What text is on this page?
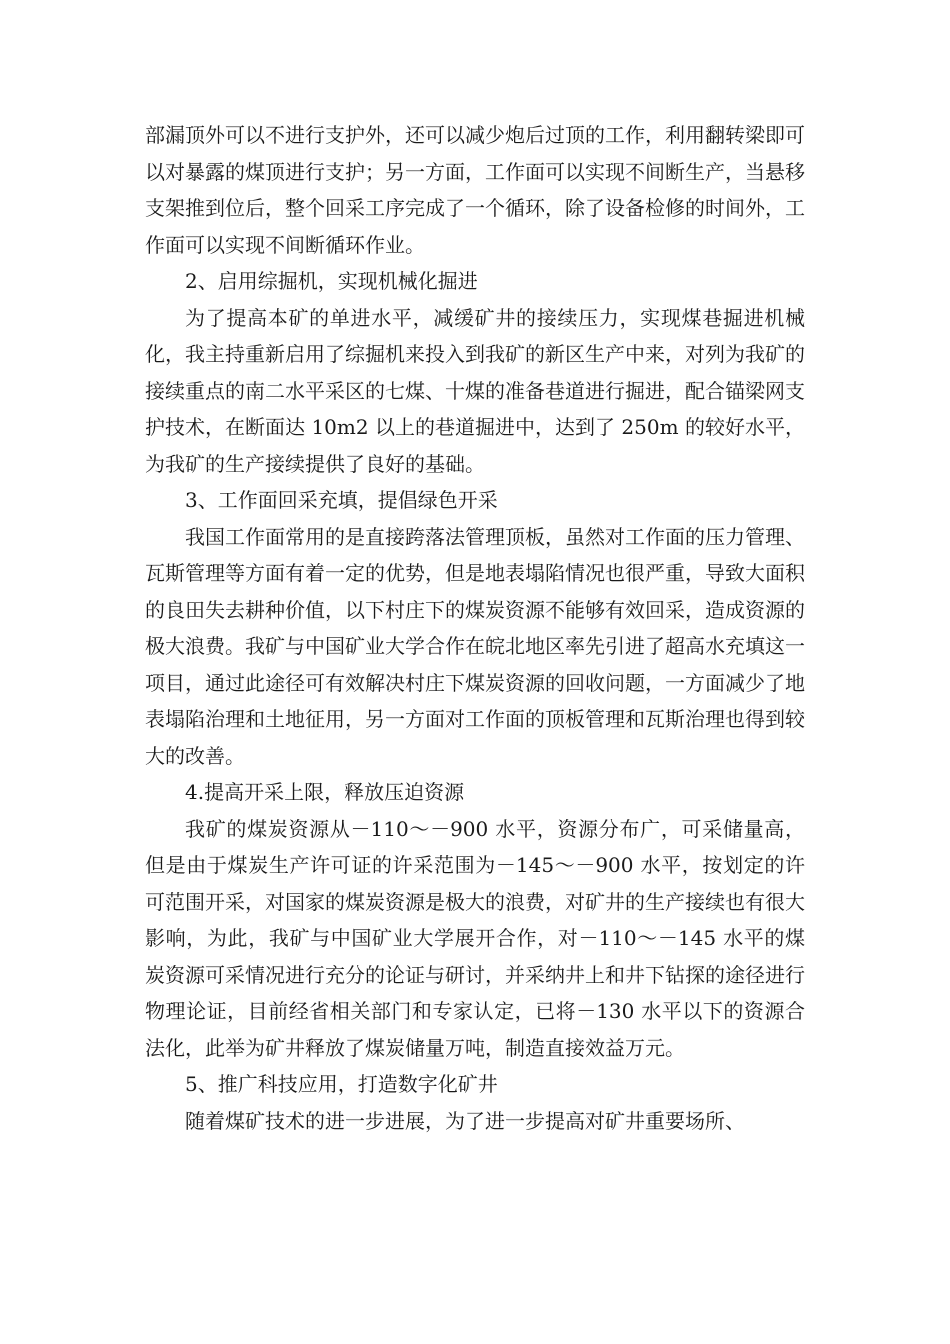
部漏顶外可以不进行支护外，还可以减少炮后过顶的工作，利用翻转梁即可以对暴露的煤顶进行支护；另一方面，工作面可以实现不间断生产，当悬移支架推到位后，整个回采工序完成了一个循环，除了设备检修的时间外，工作面可以实现不间断循环作业。

2、启用综掘机，实现机械化掘进

为了提高本矿的单进水平，减缓矿井的接续压力，实现煤巷掘进机械化，我主持重新启用了综掘机来投入到我矿的新区生产中来，对列为我矿的接续重点的南二水平采区的七煤、十煤的准备巷道进行掘进，配合锚梁网支护技术，在断面达 10m2 以上的巷道掘进中，达到了 250m 的较好水平，为我矿的生产接续提供了良好的基础。

3、工作面回采充填，提倡绿色开采

我国工作面常用的是直接跨落法管理顶板，虽然对工作面的压力管理、瓦斯管理等方面有着一定的优势，但是地表塌陷情况也很严重，导致大面积的良田失去耕种价值，以下村庄下的煤炭资源不能够有效回采，造成资源的极大浪费。我矿与中国矿业大学合作在皖北地区率先引进了超高水充填这一项目，通过此途径可有效解决村庄下煤炭资源的回收问题，一方面减少了地表塌陷治理和土地征用，另一方面对工作面的顶板管理和瓦斯治理也得到较大的改善。

4.提高开采上限，释放压迫资源

我矿的煤炭资源从－110～－900 水平，资源分布广，可采储量高，但是由于煤炭生产许可证的许采范围为－145～－900 水平，按划定的许可范围开采，对国家的煤炭资源是极大的浪费，对矿井的生产接续也有很大影响，为此，我矿与中国矿业大学展开合作，对－110～－145 水平的煤炭资源可采情况进行充分的论证与研讨，并采纳井上和井下钻探的途径进行物理论证，目前经省相关部门和专家认定，已将－130 水平以下的资源合法化，此举为矿井释放了煤炭储量万吨，制造直接效益万元。

5、推广科技应用，打造数字化矿井

随着煤矿技术的进一步进展，为了进一步提高对矿井重要场所、
